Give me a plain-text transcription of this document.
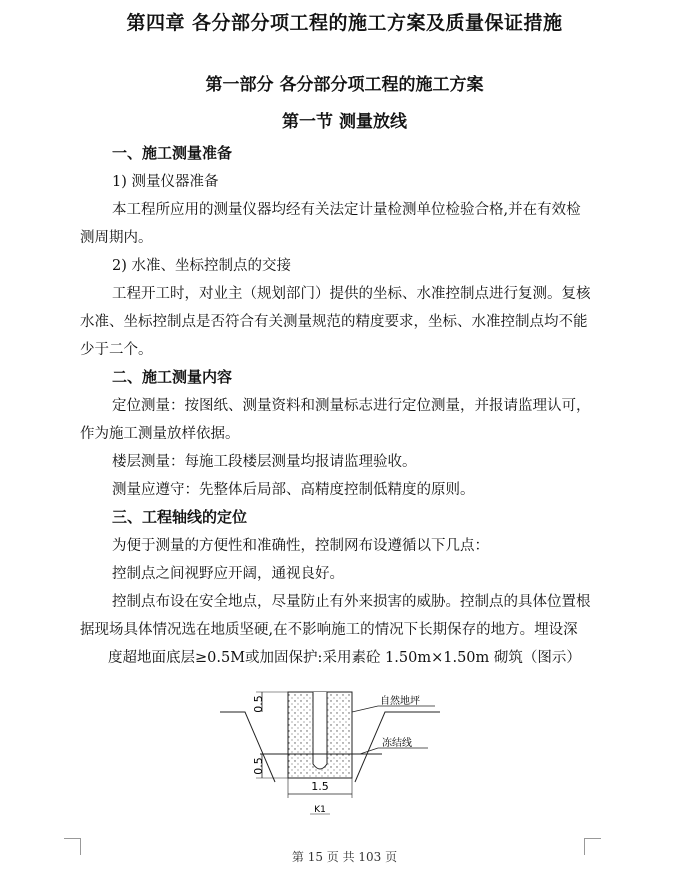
第四章 各分部分项工程的施工方案及质量保证措施
第一部分 各分部分项工程的施工方案
第一节 测量放线
一、施工测量准备
1) 测量仪器准备
本工程所应用的测量仪器均经有关法定计量检测单位检验合格,并在有效检
测周期内。
2) 水准、坐标控制点的交接
工程开工时，对业主（规划部门）提供的坐标、水准控制点进行复测。复核
水准、坐标控制点是否符合有关测量规范的精度要求，坐标、水准控制点均不能
少于二个。
二、施工测量内容
定位测量：按图纸、测量资料和测量标志进行定位测量，并报请监理认可，
作为施工测量放样依据。
楼层测量：每施工段楼层测量均报请监理验收。
测量应遵守：先整体后局部、高精度控制低精度的原则。
三、工程轴线的定位
为便于测量的方便性和准确性，控制网布设遵循以下几点：
控制点之间视野应开阔，通视良好。
控制点布设在安全地点，尽量防止有外来损害的威胁。控制点的具体位置根
据现场具体情况选在地质坚硬,在不影响施工的情况下长期保存的地方。埋设深
度超地面底层≥0.5M或加固保护:采用素砼 1.50m×1.50m 砌筑（图示）
自然地坪
冻结线
0.5
0.5
1.5
K1
第 15 页 共 103 页
